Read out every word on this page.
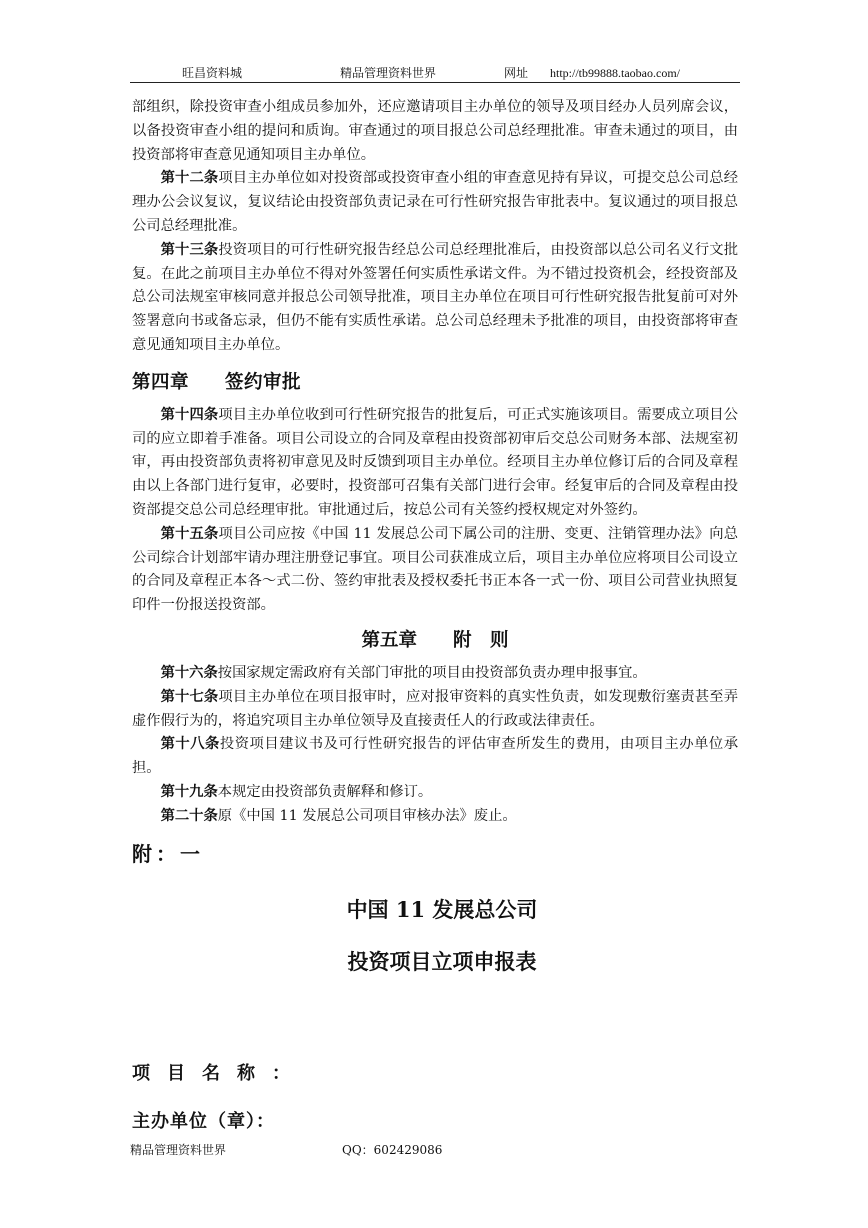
旺昌资料城	精品管理资料世界	网址 http://tb99888.taobao.com/

部组织，除投资审查小组成员参加外，还应邀请项目主办单位的领导及项目经办人员列席会议，以备投资审查小组的提问和质询。审查通过的项目报总公司总经理批准。审查未通过的项目，由投资部将审查意见通知项目主办单位。

第十二条项目主办单位如对投资部或投资审查小组的审查意见持有异议，可提交总公司总经理办公会议复议，复议结论由投资部负责记录在可行性研究报告审批表中。复议通过的项目报总公司总经理批准。

第十三条投资项目的可行性研究报告经总公司总经理批准后，由投资部以总公司名义行文批复。在此之前项目主办单位不得对外签署任何实质性承诺文件。为不错过投资机会，经投资部及总公司法规室审核同意并报总公司领导批准，项目主办单位在项目可行性研究报告批复前可对外签署意向书或备忘录，但仍不能有实质性承诺。总公司总经理未予批准的项目，由投资部将审查意见通知项目主办单位。

第四章 签约审批

第十四条项目主办单位收到可行性研究报告的批复后，可正式实施该项目。需要成立项目公司的应立即着手准备。项目公司设立的合同及章程由投资部初审后交总公司财务本部、法规室初审，再由投资部负责将初审意见及时反馈到项目主办单位。经项目主办单位修订后的合同及章程由以上各部门进行复审，必要时，投资部可召集有关部门进行会审。经复审后的合同及章程由投资部提交总公司总经理审批。审批通过后，按总公司有关签约授权规定对外签约。

第十五条项目公司应按《中国 11 发展总公司下属公司的注册、变更、注销管理办法》向总公司综合计划部牢请办理注册登记事宜。项目公司获准成立后，项目主办单位应将项目公司设立的合同及章程正本各～式二份、签约审批表及授权委托书正本各一式一份、项目公司营业执照复印件一份报送投资部。

第五章 附　则

第十六条按国家规定需政府有关部门审批的项目由投资部负责办理申报事宜。

第十七条项目主办单位在项目报审时，应对报审资料的真实性负责，如发现敷衍塞责甚至弄虚作假行为的，将追究项目主办单位领导及直接责任人的行政或法律责任。

第十八条投资项目建议书及可行性研究报告的评估审查所发生的费用，由项目主办单位承担。

第十九条本规定由投资部负责解释和修订。

第二十条原《中国 11 发展总公司项目审核办法》废止。

附：一
中国 11 发展总公司
投资项目立项申报表

项目名称：

主办单位（章）：

精品管理资料世界	QQ：602429086
